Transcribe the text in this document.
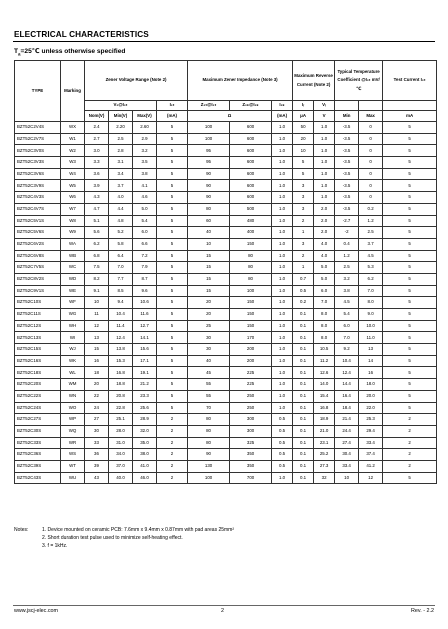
ELECTRICAL CHARACTERISTICS
$T_a=25℃$ unless otherwise specified
TYPE	Marking	Zener Voltage Range (Note 2)				Maximum Zener Impedance (Note 3)			Maximum Reverse Current (Note 2)		Typical Temperature Coefficient @I₂ₜ mV/℃		Test Current I₂ₜ
		V₂@I₂ₜ			I₂ₜ	Z₂ₜ@I₂ₜ	Z₂ₖ@I₂ₖ	I₂ₖ	Iᵣ	Vᵣ			
		Nom(V)	Min(V)	Max(V)	(mA)	Ω		(mA)	μA	V	Min	Max	mA
BZT52C2V4S	WX	2.4	2.20	2.60	5	100	600	1.0	50	1.0	-3.5	0	5
BZT52C2V7S	W1	2.7	2.5	2.9	5	100	600	1.0	20	1.0	-3.5	0	5
BZT52C3V0S	W2	3.0	2.8	3.2	5	95	600	1.0	10	1.0	-3.5	0	5
BZT52C3V3S	W3	3.3	3.1	3.5	5	95	600	1.0	5	1.0	-3.5	0	5
BZT52C3V6S	W4	3.6	3.4	3.8	5	90	600	1.0	5	1.0	-3.5	0	5
BZT52C3V9S	W5	3.9	3.7	4.1	5	90	600	1.0	3	1.0	-3.5	0	5
BZT52C4V3S	W6	4.3	4.0	4.6	5	90	600	1.0	3	1.0	-3.5	0	5
BZT52C4V7S	W7	4.7	4.4	5.0	5	80	500	1.0	3	2.0	-3.5	0.2	5
BZT52C5V1S	W8	5.1	4.8	5.4	5	60	480	1.0	2	2.0	-2.7	1.2	5
BZT52C5V6S	W9	5.6	5.2	6.0	5	40	400	1.0	1	2.0	-2	2.5	5
BZT52C6V2S	WA	6.2	5.8	6.6	5	10	150	1.0	3	4.0	0.4	3.7	5
BZT52C6V8S	WB	6.8	6.4	7.2	5	15	80	1.0	2	4.0	1.2	4.5	5
BZT52C7V5S	WC	7.5	7.0	7.9	5	15	80	1.0	1	5.0	2.5	5.3	5
BZT52C8V2S	WD	8.2	7.7	8.7	5	15	80	1.0	0.7	5.0	3.2	6.2	5
BZT52C9V1S	WE	9.1	8.5	9.6	5	15	100	1.0	0.5	6.0	3.8	7.0	5
BZT52C10S	WF	10	9.4	10.6	5	20	150	1.0	0.2	7.0	4.5	8.0	5
BZT52C11S	WG	11	10.4	11.6	5	20	150	1.0	0.1	8.0	5.4	9.0	5
BZT52C12S	WH	12	11.4	12.7	5	25	150	1.0	0.1	8.0	6.0	10.0	5
BZT52C13S	WI	13	12.4	14.1	5	30	170	1.0	0.1	8.0	7.0	11.0	5
BZT52C15S	WJ	15	13.8	15.6	5	30	200	1.0	0.1	10.5	9.2	13	5
BZT52C16S	WK	16	15.3	17.1	5	40	200	1.0	0.1	11.2	10.4	14	5
BZT52C18S	WL	18	16.8	19.1	5	45	225	1.0	0.1	12.6	12.4	16	5
BZT52C20S	WM	20	18.8	21.2	5	55	225	1.0	0.1	14.0	14.4	18.0	5
BZT52C22S	WN	22	20.8	23.3	5	55	250	1.0	0.1	15.4	16.4	20.0	5
BZT52C24S	WO	24	22.8	25.6	5	70	250	1.0	0.1	16.8	18.4	22.0	5
BZT52C27S	WP	27	25.1	28.9	2	80	300	0.5	0.1	18.9	21.4	25.3	2
BZT52C30S	WQ	30	28.0	32.0	2	80	300	0.5	0.1	21.0	24.4	29.4	2
BZT52C33S	WR	33	31.0	35.0	2	80	325	0.5	0.1	23.1	27.4	33.4	2
BZT52C36S	WS	36	34.0	38.0	2	90	350	0.5	0.1	25.2	30.4	37.4	2
BZT52C39S	WT	39	37.0	41.0	2	130	350	0.5	0.1	27.3	33.4	41.2	2
BZT52C43S	WU	43	40.0	46.0	2	100	700	1.0	0.1	32	10	12	5
Notes:	1. Device mounted on ceramic PCB: 7.6mm x 9.4mm x 0.87mm with pad areas 25mm²
2. Short duration test pulse used to minimize self-heating effect.
3. f = 1kHz.
www.jscj-elec.com	2	Rev. - 2.2
